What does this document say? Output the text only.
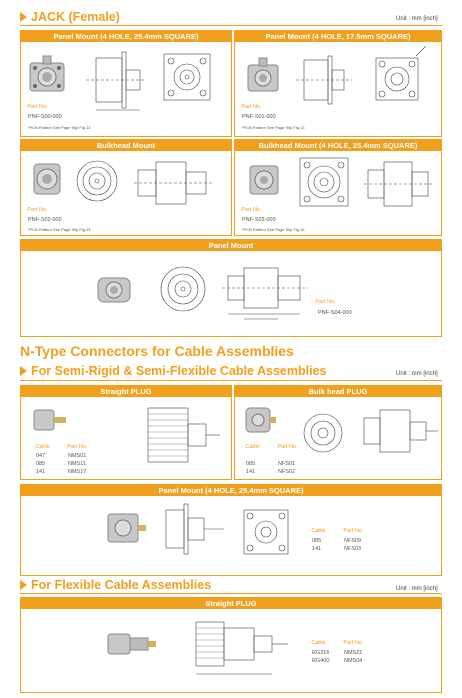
JACK (Female)	Unit : mm [inch]
Panel Mount (4 HOLE, 25.4mm SQUARE)	Panel Mount (4 HOLE, 17.5mm SQUARE)
· Part No.
PNF-S00-000
*PCB Pattern See Page 90p Fig.13
· Part No.
PNF-S01-000
*PCB Pattern See Page 90p Fig.13
Bulkhead Mount	Bulkhead Mount (4 HOLE, 25.4mm SQUARE)
· Part No.
PNF-S02-000
*PCB Pattern See Page 90p Fig.13
· Part No.
PNF-S03-000
*PCB Pattern See Page 90p Fig.16
Panel Mount
· Part No.
PNF-S04-000
N-Type Connectors for Cable Assemblies
For Semi-Rigid & Semi-Flexible Cable Assemblies	Unit : mm [inch]
Straight PLUG
· Cable	· Part No.
047	NMS01
085	NMS11
141	NMS17
Bulk head PLUG
· Cable	· Part No.
085	NFS01
141	NFS02
Panel Mount (4 HOLE, 25.4mm SQUARE)
· Cable	· Part No.
085	NFS09
141	NFS03
For Flexible Cable Assemblies	Unit : mm [inch]
Straight PLUG
· Cable	· Part No.
RG316	NMS22
RG400	NMS04
